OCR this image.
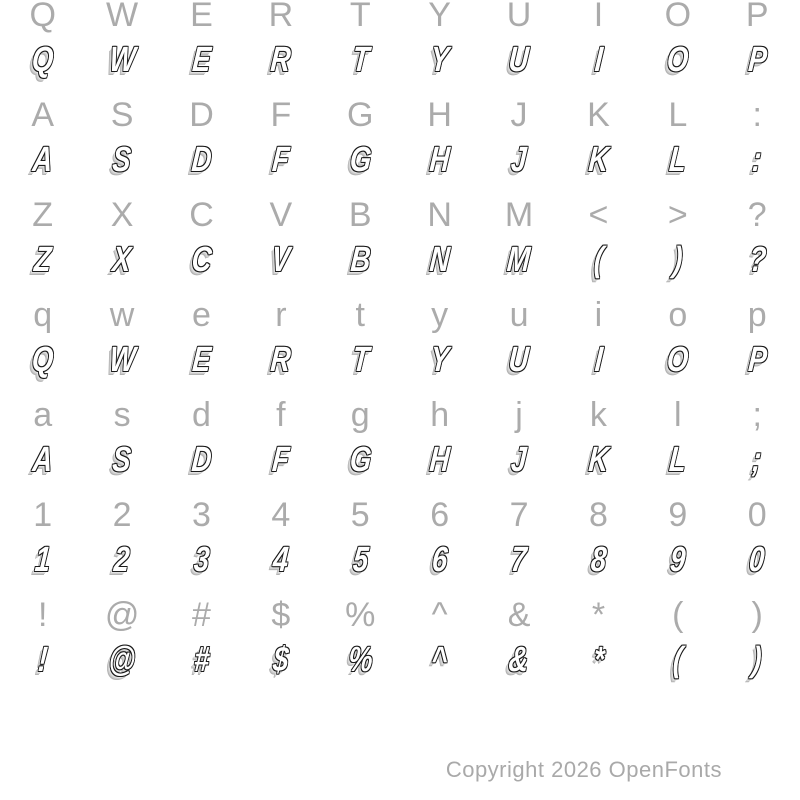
Q	W	E	R	T	Y	U	I	O	P
Q	W	E	R	T	Y	U	I	O	P
A	S	D	F	G	H	J	K	L	:
A	S	D	F	G	H	J	K	L	:
Z	X	C	V	B	N	M	<	>	?
Z	X	C	V	B	N	M	(	)	?
q	w	e	r	t	y	u	i	o	p
Q	W	E	R	T	Y	U	I	O	P
a	s	d	f	g	h	j	k	l	;
A	S	D	F	G	H	J	K	L	;
1	2	3	4	5	6	7	8	9	0
1	2	3	4	5	6	7	8	9	0
!	@	#	$	%	^	&	*	(	)
!	@	#	$	%	^	&	*	(	)
Copyright 2026 OpenFonts
